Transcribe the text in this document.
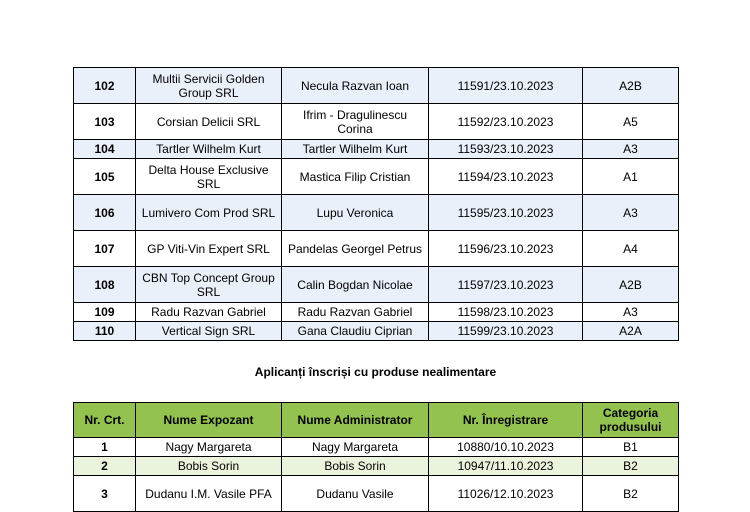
102	Multii Servicii Golden Group SRL	Necula Razvan Ioan	11591/23.10.2023	A2B
103	Corsian Delicii SRL	Ifrim - Dragulinescu Corina	11592/23.10.2023	A5
104	Tartler Wilhelm Kurt	Tartler Wilhelm Kurt	11593/23.10.2023	A3
105	Delta House Exclusive SRL	Mastica Filip Cristian	11594/23.10.2023	A1
106	Lumivero Com Prod SRL	Lupu Veronica	11595/23.10.2023	A3
107	GP Viti-Vin Expert SRL	Pandelas Georgel Petrus	11596/23.10.2023	A4
108	CBN Top Concept Group SRL	Calin Bogdan Nicolae	11597/23.10.2023	A2B
109	Radu Razvan Gabriel	Radu Razvan Gabriel	11598/23.10.2023	A3
110	Vertical Sign SRL	Gana Claudiu Ciprian	11599/23.10.2023	A2A
Aplicanți înscriși cu produse nealimentare
Nr. Crt.	Nume Expozant	Nume Administrator	Nr. Înregistrare	Categoria produsului
1	Nagy Margareta	Nagy Margareta	10880/10.10.2023	B1
2	Bobis Sorin	Bobis Sorin	10947/11.10.2023	B2
3	Dudanu I.M. Vasile PFA	Dudanu Vasile	11026/12.10.2023	B2
